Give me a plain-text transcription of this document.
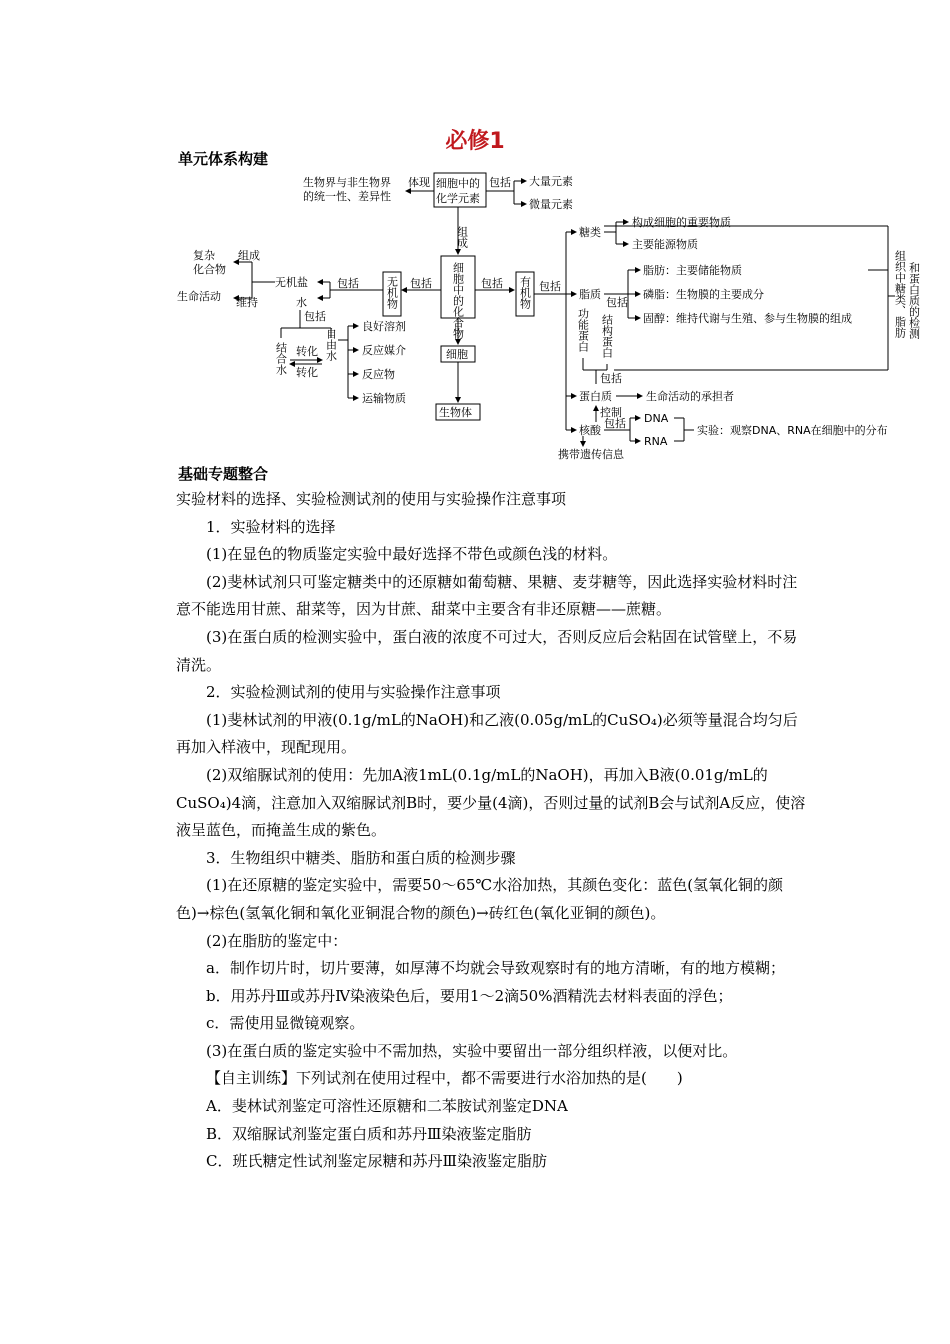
必修1
单元体系构建
生物界与非生物界
的统一性、差异性
体现 细胞中的
化学元素
包括 大量元素
微量元素
组成
细胞中的化合物
细胞
生物体
包括
无机物
包括
无机盐
水
组成
维持
复杂
化合物
生命活动
包括
结合水	自由水
转化
转化
良好溶剂
反应媒介
反应物
运输物质
包括 有机物 包括
糖类
构成细胞的重要物质
主要能源物质
脂质
包括
脂肪：主要储能物质
磷脂：生物膜的主要成分
固醇：维持代谢与生殖、参与生物膜的组成
功能蛋白 结构蛋白
包括
蛋白质	生命活动的承担者
核酸
控制
包括 DNA
RNA
实验：观察DNA、RNA在细胞中的分布
携带遗传信息
和蛋白质的检测
组织中糖类、脂肪
基础专题整合

实验材料的选择、实验检测试剂的使用与实验操作注意事项

1．实验材料的选择

(1)在显色的物质鉴定实验中最好选择不带色或颜色浅的材料。

(2)斐林试剂只可鉴定糖类中的还原糖如葡萄糖、果糖、麦芽糖等，因此选择实验材料时注意不能选用甘蔗、甜菜等，因为甘蔗、甜菜中主要含有非还原糖——蔗糖。

(3)在蛋白质的检测实验中，蛋白液的浓度不可过大，否则反应后会粘固在试管壁上，不易清洗。

2．实验检测试剂的使用与实验操作注意事项

(1)斐林试剂的甲液(0.1g/mL的NaOH)和乙液(0.05g/mL的CuSO₄)必须等量混合均匀后再加入样液中，现配现用。

(2)双缩脲试剂的使用：先加A液1mL(0.1g/mL的NaOH)，再加入B液(0.01g/mL的CuSO₄)4滴，注意加入双缩脲试剂B时，要少量(4滴)，否则过量的试剂B会与试剂A反应，使溶液呈蓝色，而掩盖生成的紫色。

3．生物组织中糖类、脂肪和蛋白质的检测步骤

(1)在还原糖的鉴定实验中，需要50～65℃水浴加热，其颜色变化：蓝色(氢氧化铜的颜色)→棕色(氢氧化铜和氧化亚铜混合物的颜色)→砖红色(氧化亚铜的颜色)。

(2)在脂肪的鉴定中：

a．制作切片时，切片要薄，如厚薄不均就会导致观察时有的地方清晰，有的地方模糊；

b．用苏丹Ⅲ或苏丹Ⅳ染液染色后，要用1～2滴50%酒精洗去材料表面的浮色；

c．需使用显微镜观察。

(3)在蛋白质的鉴定实验中不需加热，实验中要留出一部分组织样液，以便对比。

【自主训练】下列试剂在使用过程中，都不需要进行水浴加热的是(　　)

A．斐林试剂鉴定可溶性还原糖和二苯胺试剂鉴定DNA

B．双缩脲试剂鉴定蛋白质和苏丹Ⅲ染液鉴定脂肪

C．班氏糖定性试剂鉴定尿糖和苏丹Ⅲ染液鉴定脂肪
